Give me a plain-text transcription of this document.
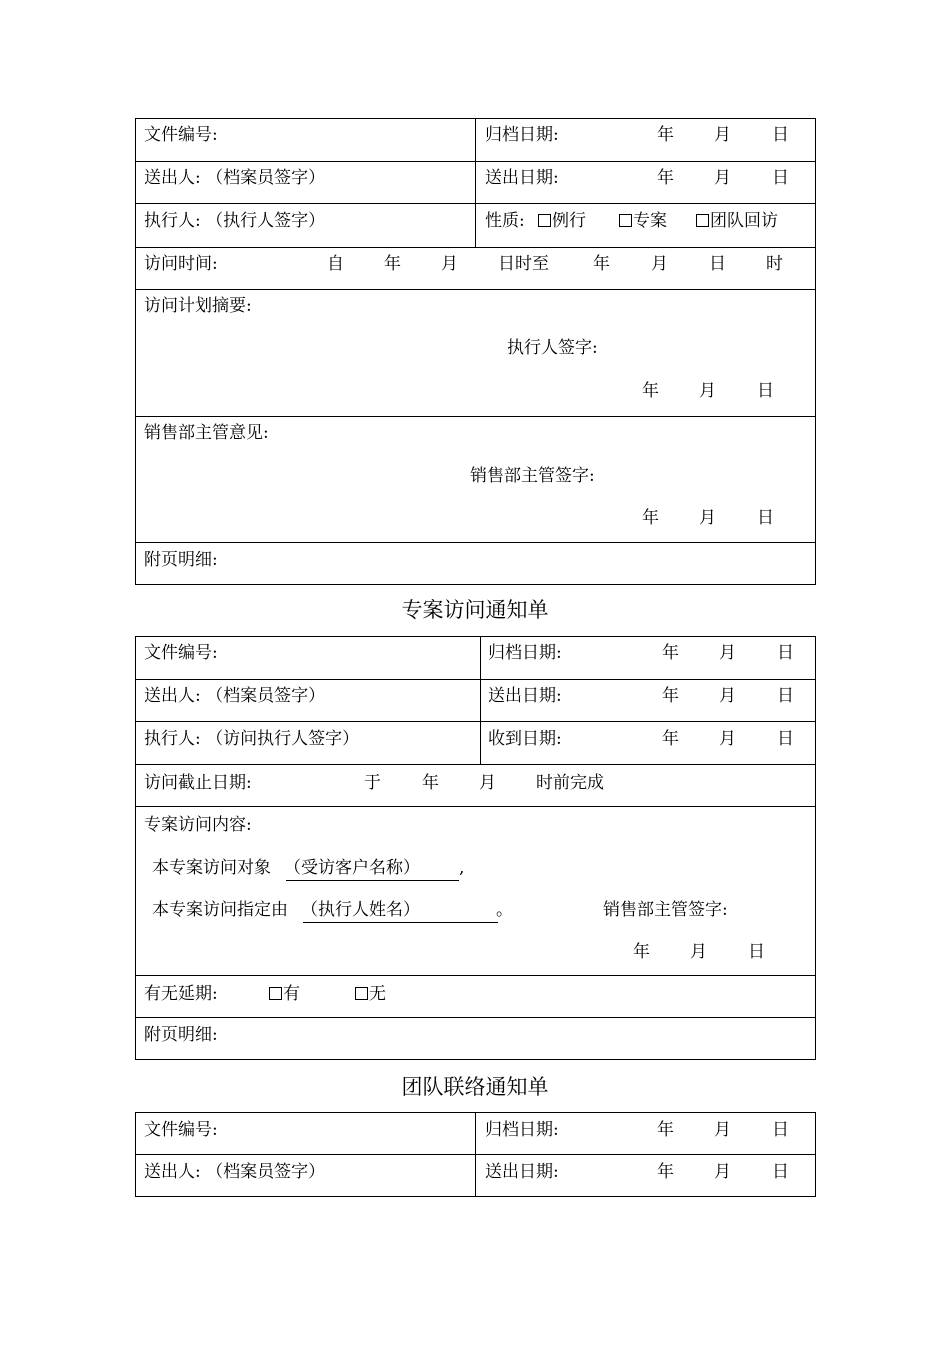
文件编号:	归档日期:	年 月 日
送出人: （档案员签字）	送出日期:	年 月 日
执行人: （执行人签字）	性质:	例行	专案	团队回访
访问时间:	自 年 月 日时至	年 月 日 时
访问计划摘要:
执行人签字:
年 月 日
销售部主管意见:
销售部主管签字:
年 月 日
附页明细:
专案访问通知单
文件编号:	归档日期:	年 月 日
送出人: （档案员签字）	送出日期:	年 月 日
执行人: （访问执行人签字）	收到日期:	年 月 日
访问截止日期:	于 年 月 时前完成
专案访问内容:
本专案访问对象 （受访客户名称） ,
本专案访问指定由 （执行人姓名）	。	销售部主管签字:
年 月 日
有无延期:	有	无
附页明细:
团队联络通知单
文件编号:	归档日期:	年 月 日
送出人: （档案员签字）	送出日期:	年 月 日
